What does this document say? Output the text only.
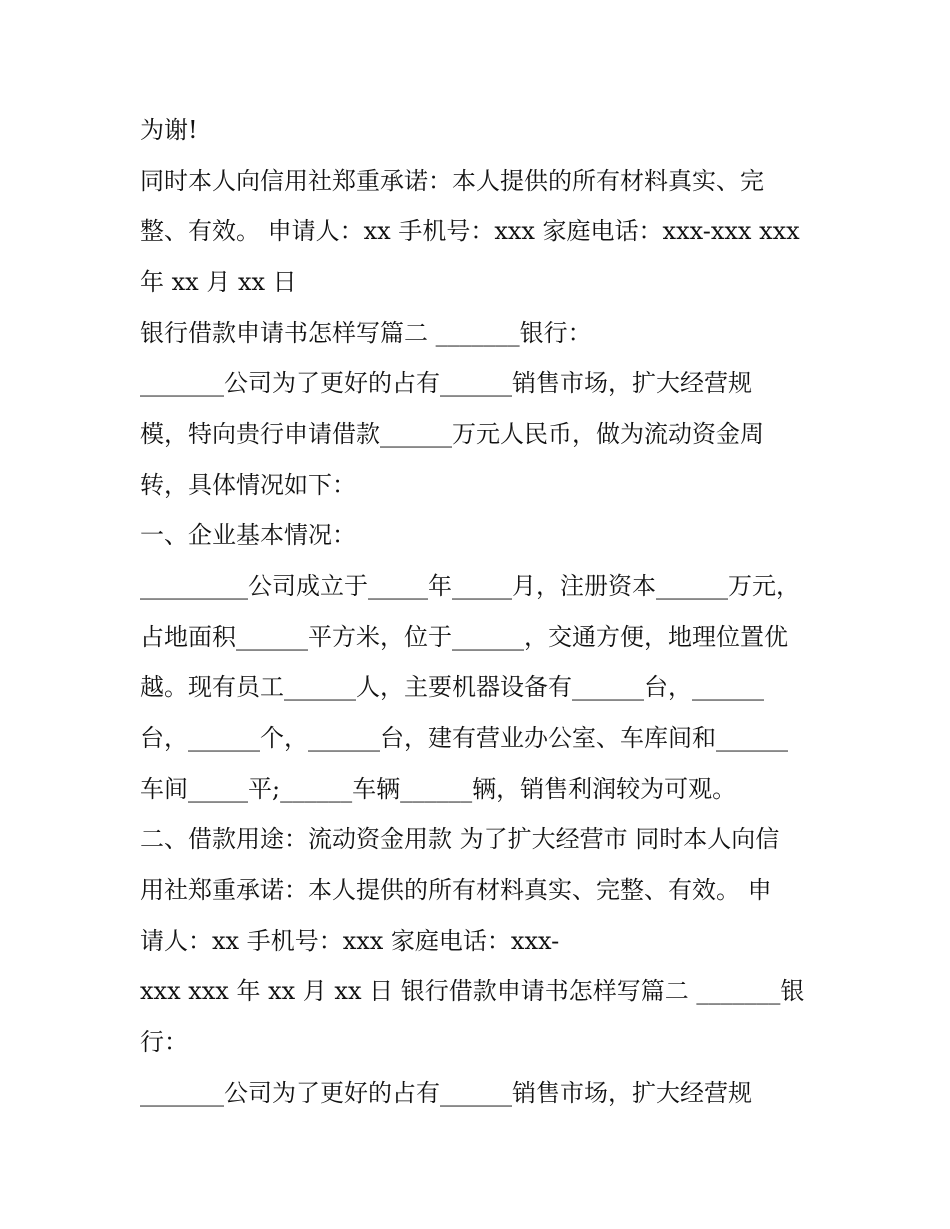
为谢!

同时本人向信用社郑重承诺：本人提供的所有材料真实、完

整、有效。 申请人：xx 手机号：xxx 家庭电话：xxx-xxx xxx

年 xx 月 xx 日

银行借款申请书怎样写篇二 _______银行：

_______公司为了更好的占有______销售市场，扩大经营规

模，特向贵行申请借款______万元人民币，做为流动资金周

转，具体情况如下：

一、企业基本情况：

_________公司成立于_____年_____月，注册资本______万元，

占地面积______平方米，位于______，交通方便，地理位置优

越。现有员工______人，主要机器设备有______台，______

台，______个，______台，建有营业办公室、车库间和______

车间_____平;______车辆______辆，销售利润较为可观。

二、借款用途：流动资金用款 为了扩大经营市 同时本人向信

用社郑重承诺：本人提供的所有材料真实、完整、有效。 申

请人：xx 手机号：xxx 家庭电话：xxx-

xxx xxx 年 xx 月 xx 日 银行借款申请书怎样写篇二 _______银

行：

_______公司为了更好的占有______销售市场，扩大经营规
